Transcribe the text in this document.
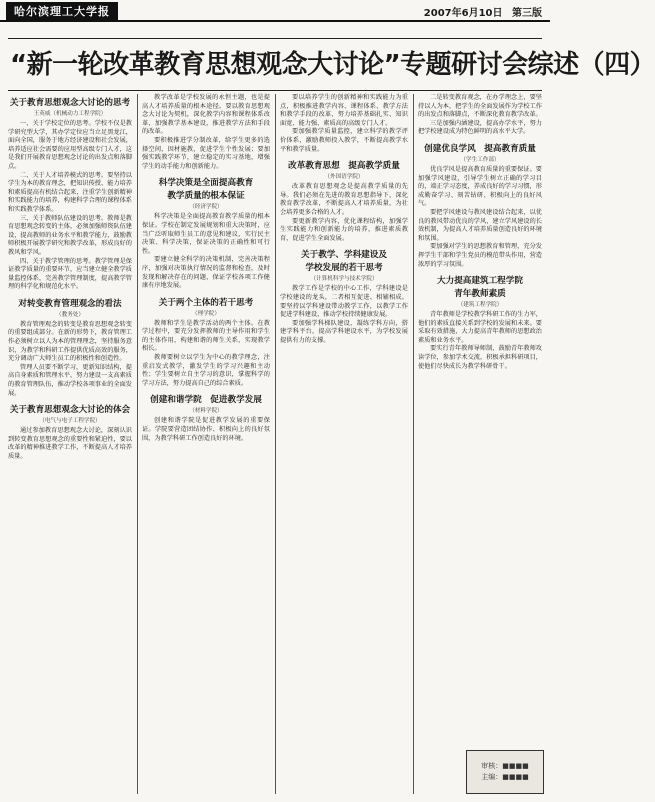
哈尔滨理工大学报	2007年6月10日 第三版
“新一轮改革教育思想观念大讨论”专题研讨会综述（四）
关于教育思想观念大讨论的思考
王英威（机械动力工程学院）

一、关于学校定位的思考。学校不仅是教学研究型大学，其办学定位应当立足黑龙江，面向全国，服务于地方经济建设和社会发展，培养适应社会需要的应用型高级专门人才，这是我们开展教育思想观念讨论的出发点和落脚点。

二、关于人才培养模式的思考。要坚持以学生为本的教育理念，把知识传授、能力培养和素质提高有机结合起来，注重学生创新精神和实践能力的培养，构建科学合理的课程体系和实践教学体系。

三、关于教师队伍建设的思考。教师是教育思想观念转变的主体，必须加强师资队伍建设，提高教师的业务水平和教学能力，鼓励教师积极开展教学研究和教学改革，形成良好的教风和学风。

四、关于教学管理的思考。教学管理是保证教学质量的重要环节，应当建立健全教学质量监控体系，完善教学管理制度，提高教学管理的科学化和规范化水平。

对转变教育管理观念的看法
（教务处）

教育管理观念的转变是教育思想观念转变的重要组成部分。在新的形势下，教育管理工作必须树立以人为本的管理理念，坚持服务意识，为教学和科研工作提供优质高效的服务，充分调动广大师生员工的积极性和创造性。

管理人员要不断学习，更新知识结构，提高自身素质和管理水平，努力建设一支高素质的教育管理队伍，推动学校各项事业的全面发展。

关于教育思想观念大讨论的体会
（电气与电子工程学院）

通过参加教育思想观念大讨论，深刻认识到转变教育思想观念的重要性和紧迫性，要以改革的精神推进教学工作，不断提高人才培养质量。

教学改革是学校发展的永恒主题，也是提高人才培养质量的根本途径。要以教育思想观念大讨论为契机，深化教学内容和课程体系改革，加强教学基本建设，推进教学方法和手段的改革。

要积极推进学分制改革，给学生更多的选择空间，因材施教，促进学生个性发展；要加强实践教学环节，建立稳定的实习基地，增强学生的动手能力和创新能力。

科学决策是全面提高教育
教学质量的根本保证
（经济学院）

科学决策是全面提高教育教学质量的根本保证。学校在制定发展规划和重大决策时，应当广泛听取师生员工的意见和建议，实行民主决策、科学决策，保证决策的正确性和可行性。

要建立健全科学的决策机制，完善决策程序，加强对决策执行情况的监督和检查，及时发现和解决存在的问题，保证学校各项工作健康有序地发展。

关于两个主体的若干思考
（理学院）

教师和学生是教学活动的两个主体。在教学过程中，要充分发挥教师的主导作用和学生的主体作用，构建和谐的师生关系，实现教学相长。

教师要树立以学生为中心的教学理念，注重启发式教学，激发学生的学习兴趣和主动性；学生要树立自主学习的意识，掌握科学的学习方法，努力提高自己的综合素质。

创建和谐学院　促进教学发展
（材料学院）

创建和谐学院是促进教学发展的重要保证。学院要营造团结协作、积极向上的良好氛围，为教学科研工作创造良好的环境。

要以培养学生的创新精神和实践能力为重点，积极推进教学内容、课程体系、教学方法和教学手段的改革，努力培养基础扎实、知识面宽、能力强、素质高的高级专门人才。

要加强教学质量监控，建立科学的教学评价体系，激励教师投入教学，不断提高教学水平和教学质量。

改革教育思想　提高教学质量
（外国语学院）

改革教育思想观念是提高教学质量的先导。我们必须在先进的教育思想指导下，深化教育教学改革，不断提高人才培养质量，为社会培养更多合格的人才。

要更新教学内容，优化课程结构，加强学生实践能力和创新能力的培养，推进素质教育，促进学生全面发展。

关于教学、学科建设及
学校发展的若干思考
（计算机科学与技术学院）

教学工作是学校的中心工作，学科建设是学校建设的龙头，二者相互促进、相辅相成。要坚持以学科建设带动教学工作，以教学工作促进学科建设，推动学校持续健康发展。

要加强学科梯队建设，凝练学科方向，搭建学科平台，提高学科建设水平，为学校发展提供有力的支撑。

二是转变教育观念，在办学理念上，要坚持以人为本，把学生的全面发展作为学校工作的出发点和落脚点，不断深化教育教学改革。

三是加强内涵建设，提高办学水平，努力把学校建设成为特色鲜明的高水平大学。

创建优良学风　提高教育质量
（学生工作部）

优良学风是提高教育质量的重要保证。要加强学风建设，引导学生树立正确的学习目的，端正学习态度，养成良好的学习习惯，形成勤奋学习、刻苦钻研、积极向上的良好风气。

要把学风建设与教风建设结合起来，以优良的教风带动优良的学风，建立学风建设的长效机制，为提高人才培养质量创造良好的环境和氛围。

要加强对学生的思想教育和管理，充分发挥学生干部和学生党员的模范带头作用，营造浓厚的学习氛围。

大力提高建筑工程学院
青年教师素质
（建筑工程学院）

青年教师是学校教学科研工作的生力军，他们的素质直接关系到学校的发展和未来。要采取有效措施，大力提高青年教师的思想政治素质和业务水平。

要实行青年教师导师制，鼓励青年教师攻读学位，参加学术交流，积极承担科研项目，使他们尽快成长为教学科研骨干。

审核：■■■■
主编：■■■■
